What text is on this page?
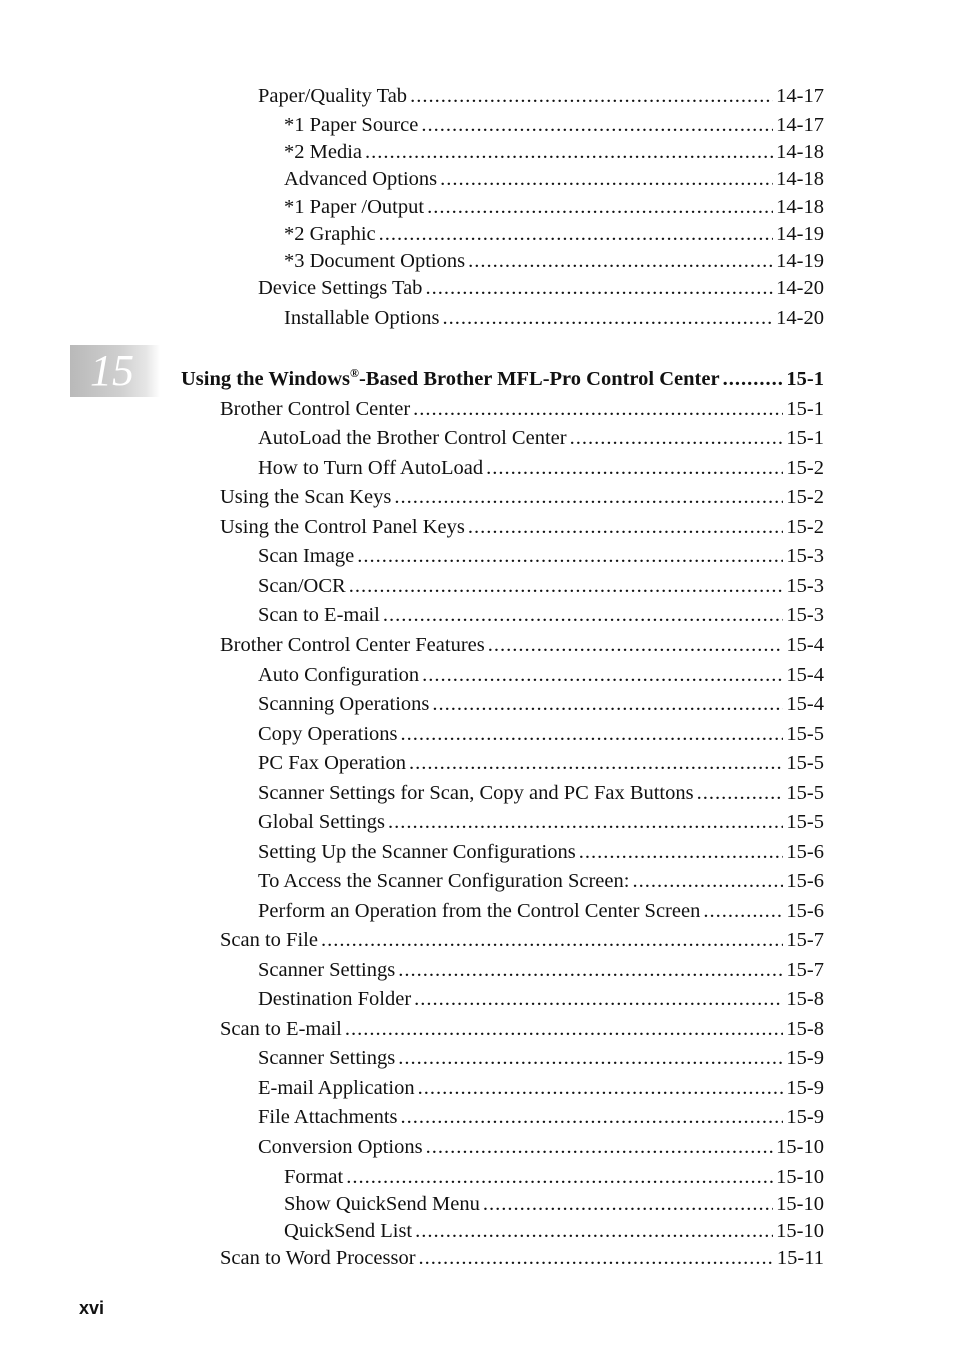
Paper/Quality Tab .....	14-17
*1 Paper Source .....	14-17
*2 Media .....	14-18
Advanced Options .....	14-18
*1 Paper /Output .....	14-18
*2 Graphic .....	14-19
*3 Document Options .....	14-19
Device Settings Tab .....	14-20
Installable Options .....	14-20
15 Using the Windows®-Based Brother MFL-Pro Control Center .....	15-1
Brother Control Center .....	15-1
AutoLoad the Brother Control Center .....	15-1
How to Turn Off AutoLoad .....	15-2
Using the Scan Keys .....	15-2
Using the Control Panel Keys .....	15-2
Scan Image .....	15-3
Scan/OCR .....	15-3
Scan to E-mail .....	15-3
Brother Control Center Features .....	15-4
Auto Configuration .....	15-4
Scanning Operations .....	15-4
Copy Operations .....	15-5
PC Fax Operation .....	15-5
Scanner Settings for Scan, Copy and PC Fax Buttons .....	15-5
Global Settings .....	15-5
Setting Up the Scanner Configurations .....	15-6
To Access the Scanner Configuration Screen: .....	15-6
Perform an Operation from the Control Center Screen .....	15-6
Scan to File .....	15-7
Scanner Settings .....	15-7
Destination Folder .....	15-8
Scan to E-mail .....	15-8
Scanner Settings .....	15-9
E-mail Application .....	15-9
File Attachments .....	15-9
Conversion Options .....	15-10
Format .....	15-10
Show QuickSend Menu .....	15-10
QuickSend List .....	15-10
Scan to Word Processor .....	15-11
xvi
